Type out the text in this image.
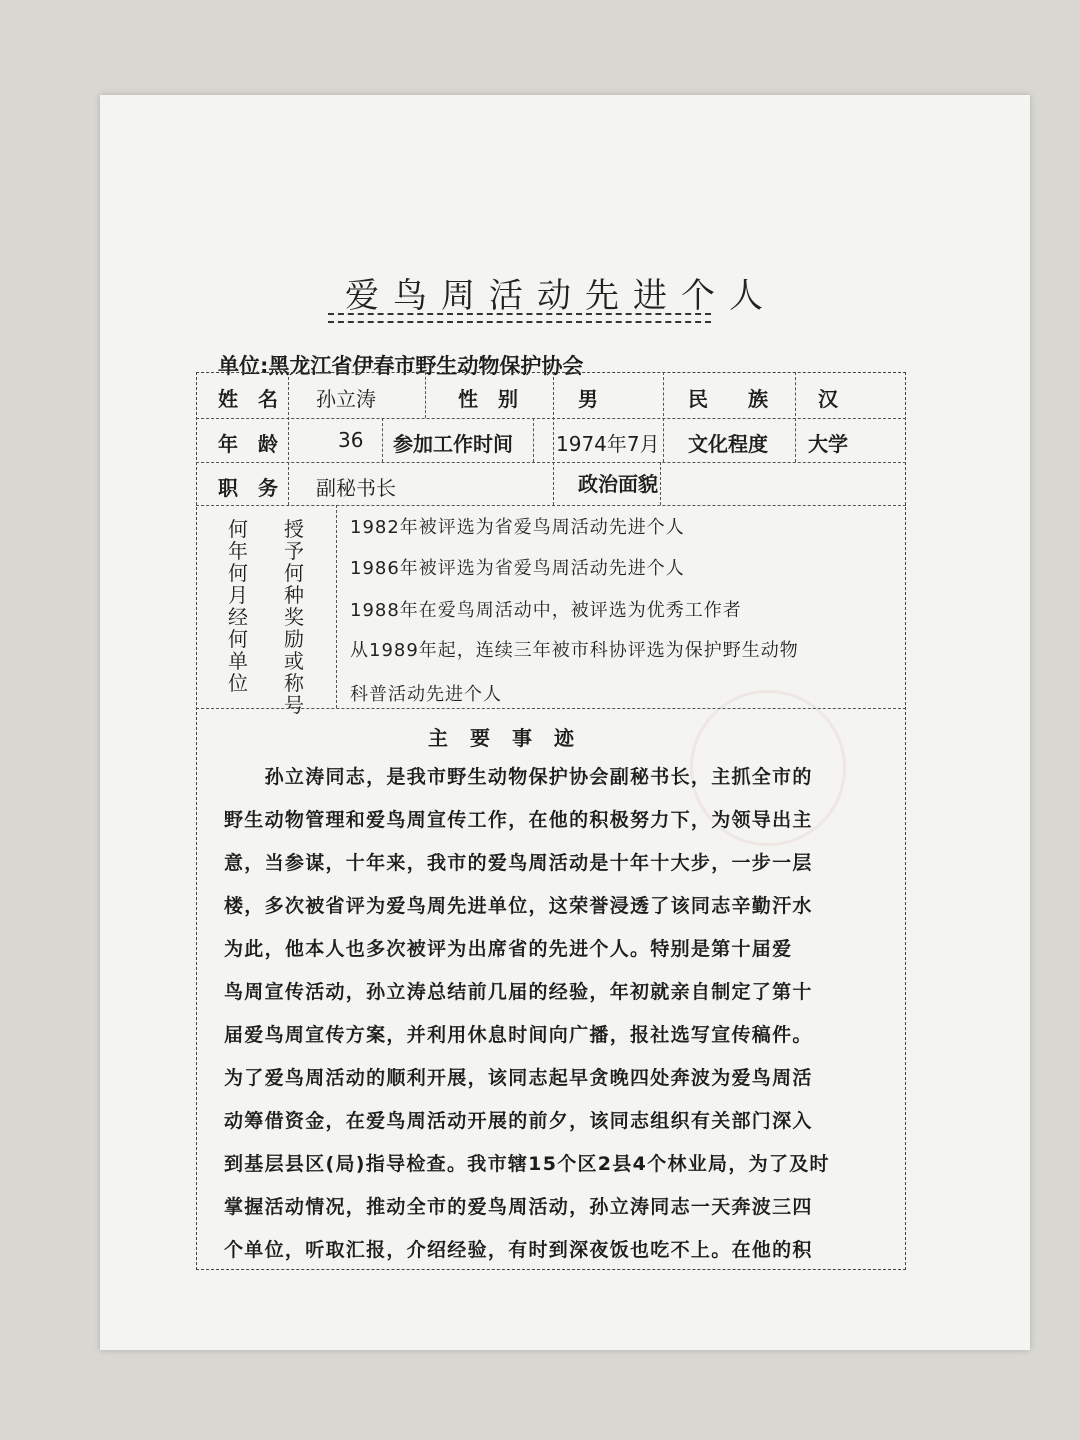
爱鸟周活动先进个人
单位:黑龙江省伊春市野生动物保护协会
姓　名 孙立涛	性　别	男	民　　族	汉
年　龄	36 参加工作时间 1974年7月 文化程度 大学
职　务 副秘书长	政治面貌
何年何月经何单位
授予何种奖励或称号
1982年被评选为省爱鸟周活动先进个人
1986年被评选为省爱鸟周活动先进个人
1988年在爱鸟周活动中，被评选为优秀工作者
从1989年起，连续三年被市科协评选为保护野生动物
科普活动先进个人
主要事迹
　　孙立涛同志，是我市野生动物保护协会副秘书长，主抓全市的
野生动物管理和爱鸟周宣传工作，在他的积极努力下，为领导出主
意，当参谋，十年来，我市的爱鸟周活动是十年十大步，一步一层
楼，多次被省评为爱鸟周先进单位，这荣誉浸透了该同志辛勤汗水
为此，他本人也多次被评为出席省的先进个人。特别是第十届爱
鸟周宣传活动，孙立涛总结前几届的经验，年初就亲自制定了第十
届爱鸟周宣传方案，并利用休息时间向广播，报社选写宣传稿件。
为了爱鸟周活动的顺利开展，该同志起早贪晚四处奔波为爱鸟周活
动筹借资金，在爱鸟周活动开展的前夕，该同志组织有关部门深入
到基层县区(局)指导检查。我市辖15个区2县4个林业局，为了及时
掌握活动情况，推动全市的爱鸟周活动，孙立涛同志一天奔波三四
个单位，听取汇报，介绍经验，有时到深夜饭也吃不上。在他的积
